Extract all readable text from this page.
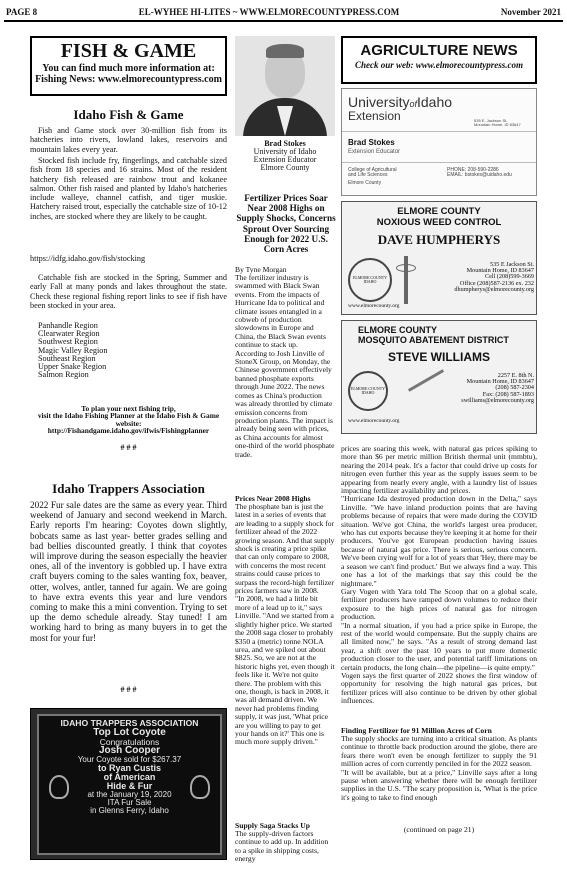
PAGE 8	EL-WYHEE HI-LITES ~ WWW.ELMORECOUNTYPRESS.COM	November 2021
FISH & GAME
You can find much more information at:
Fishing News: www.elmorecountypress.com
Idaho Fish & Game
Fish and Game stock over 30-million fish from its hatcheries into rivers, lowland lakes, reservoirs and mountain lakes every year.
Stocked fish include fry, fingerlings, and catchable sized fish from 18 species and 16 strains. Most of the resident hatchery fish released are rainbow trout and kokanee salmon. Other fish raised and planted by Idaho's hatcheries include walleye, channel catfish, and tiger muskie. Hatchery raised trout, especially the catchable size of 10-12 inches, are stocked where they are likely to be caught.
https://idfg.idaho.gov/fish/stocking
Catchable fish are stocked in the Spring, Summer and early Fall at many ponds and lakes throughout the state. Check these regional fishing report links to see if fish have been stocked in your area.
Panhandle Region
Clearwater Region
Southwest Region
Magic Valley Region
Southeast Region
Upper Snake Region
Salmon Region
To plan your next fishing trip,
visit the Idaho Fishing Planner at the Idaho Fish & Game website:
http://Fishandgame.idaho.gov/ifwis/Fishingplanner
# # #
Idaho Trappers Association
2022 Fur sale dates are the same as every year. Third weekend of January and second weekend in March. Early reports I'm hearing: Coyotes down slightly, bobcats same as last year- better grades selling and bad bellies discounted greatly. I think that coyotes will improve during the season especially the heavier ones, all of the inventory is gobbled up. I have extra craft buyers coming to the sales wanting fox, beaver, otter, wolves, antler, tanned fur again. We are going to have extra events this year and lure vendors coming to make this a mini convention. Trying to set up the demo schedule already. Stay tuned! I am working hard to bring as many buyers in to get the most for your fur!
# # #
IDAHO TRAPPERS ASSOCIATION
Top Lot Coyote
Congratulations
Josh Cooper
Your Coyote sold for $267.37
to Ryan Custis
of American
Hide & Fur
at the January 19, 2020
ITA Fur Sale
in Glenns Ferry, Idaho
Brad Stokes
University of Idaho
Extension Educator
Elmore County
Fertilizer Prices Soar Near 2008 Highs on Supply Shocks, Concerns Sprout Over Sourcing Enough for 2022 U.S. Corn Acres
By Tyne Morgan
The fertilizer industry is swammed with Black Swan events. From the impacts of Hurricane Ida to political and climate issues entangled in a cobweb of production slowdowns in Europe and China, the Black Swan events continue to stack up.
According to Josh Linville of StoneX Group, on Monday, the Chinese government effectively banned phosphate exports through June 2022. The news comes as China's production was already throttled by climate emission concerns from production plants. The impact is already being seen with prices, as China accounts for almost one-third of the world phosphate trade.
Prices Near 2008 Highs
The phosphate ban is just the latest in a series of events that are leading to a supply shock for fertilizer ahead of the 2022 growing season. And that supply shock is creating a price spike that can only compare to 2008, with concerns the most recent strains could cause prices to surpass the record-high fertilizer prices farmers saw in 2008.
"In 2008, we had a little bit more of a lead up to it," says Linville. "And we started from a slightly higher price. We started the 2008 saga closer to probably $350 a (metric) tonne NOLA urea, and we spiked out about $825. So, we are not at the historic highs yet, even though it feels like it. We're not quite there. The problem with this one, though, is back in 2008, it was all demand driven. We never had problems finding supply, it was just, 'What price are you willing to pay to get your hands on it?' This one is much more supply driven."
Supply Saga Stacks Up
The supply-driven factors continue to add up. In addition to a spike in shipping costs, energy
prices are soaring this week, with natural gas prices spiking to more than $6 per metric million British thermal unit (mmbtu), nearing the 2014 peak. It's a factor that could drive up costs for nitrogen even further this year as the supply issues seem to be appearing from nearly every angle, with a laundry list of issues impacting fertilizer availability and prices.
"Hurricane Ida destroyed production down in the Delta," says Linville. "We have inland production points that are having problems because of repairs that were made during the COVID situation. We've got China, the world's largest urea producer, who has cut exports because they're keeping it at home for their producers. You've got European production having issues because of natural gas price. There is serious, serious concern. We've been crying wolf for a lot of years that 'Hey, there may be a season we can't find product.' But we always find a way. This one has a lot of the markings that say this could be the nightmare."
Gary Vogen with Yara told The Scoop that on a global scale, fertilizer producers have ramped down volumes to reduce their exposure to the high prices of natural gas for nitrogen production.
"In a normal situation, if you had a price spike in Europe, the rest of the world would compensate. But the supply chains are all limited now," he says. "As a result of strong demand last year, a shift over the past 10 years to put more domestic production closer to the user, and potential tariff limitations on certain products, the long chain—the pipeline—is quite empty."
Vogen says the first quarter of 2022 shows the first window of opportunity for resolving the high natural gas prices, but fertilizer prices will also continue to be driven by other global influences.
Finding Fertilizer for 91 Million Acres of Corn
The supply shocks are turning into a critical situation. As plants continue to throttle back production around the globe, there are fears there won't even be enough fertilizer to supply the 91 million acres of corn currently penciled in for the 2022 season.
"It will be available, but at a price," Linville says after a long pause when answering whether there will be enough fertilizer supplies in the U.S. "The scary proposition is, 'What is the price it's going to take to find enough
(continued on page 21)
AGRICULTURE NEWS
Check our web: www.elmorecountypress.com
UniversityofIdaho
Extension	535 E. Jackson St.
Mountain Home, ID 83647
Brad Stokes
Extension Educator
College of Agricultural
and Life Sciences
Elmore County
PHONE: 208-590-2286
EMAIL: bstokes@uidaho.edu
ELMORE COUNTY
NOXIOUS WEED CONTROL
DAVE HUMPHERYS
ELMORE COUNTY IDAHO
535 E Jackson St.
Mountain Home, ID 83647
Cell (208)599-3669
Office (208)587-2136 ex. 232
dhumpherys@elmorecounty.org
www.elmorecounty.org
ELMORE COUNTY
MOSQUITO ABATEMENT DISTRICT
STEVE WILLIAMS
ELMORE COUNTY IDAHO
2257 E. 8th N.
Mountain Home, ID 83647
(208) 587-2304
Fax: (208) 587-1893
swilliams@elmorecounty.org
www.elmorecounty.org
